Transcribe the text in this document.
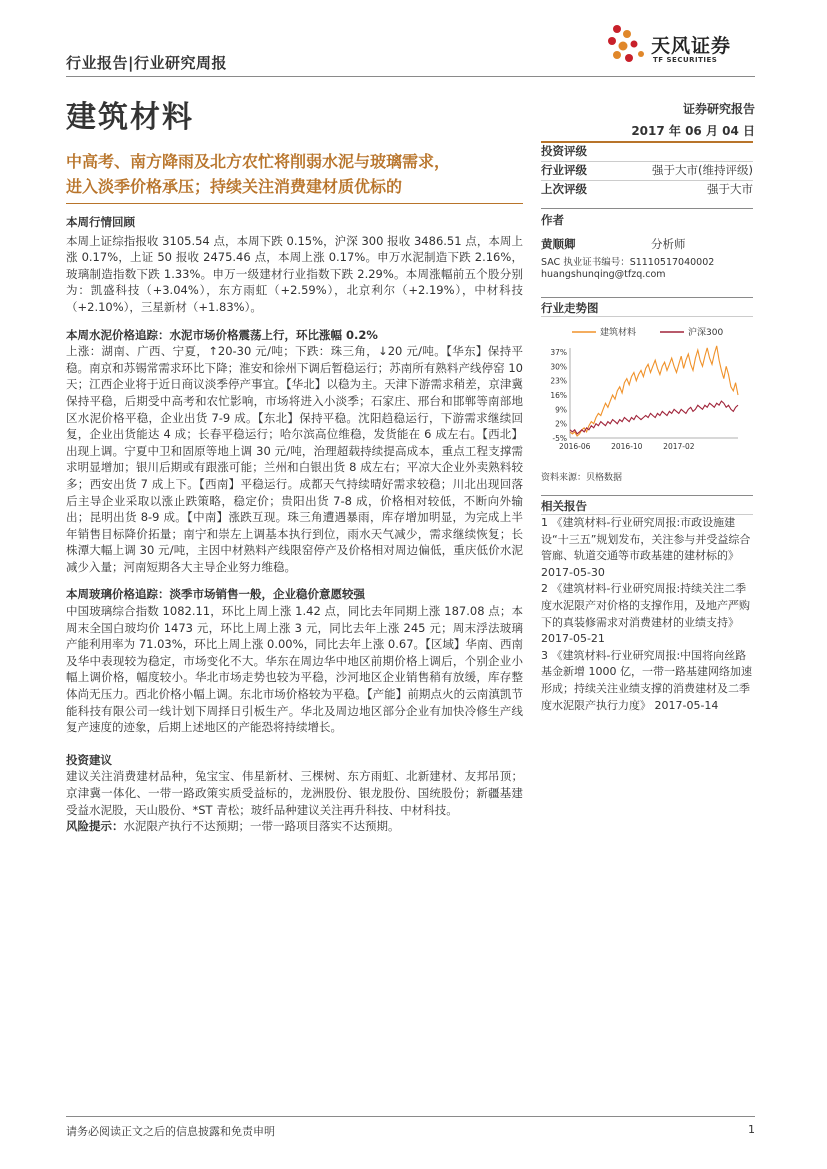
行业报告|行业研究周报
天风证券
TF SECURITIES
建筑材料	证券研究报告
2017 年 06 月 04 日
中高考、南方降雨及北方农忙将削弱水泥与玻璃需求，
进入淡季价格承压；持续关注消费建材质优标的
本周行情回顾
本周上证综指报收 3105.54 点，本周下跌 0.15%，沪深 300 报收 3486.51 点，本周上涨 0.17%，上证 50 报收 2475.46 点，本周上涨 0.17%。申万水泥制造下跌 2.16%，玻璃制造指数下跌 1.33%。申万一级建材行业指数下跌 2.29%。本周涨幅前五个股分别为：凯盛科技（+3.04%），东方雨虹（+2.59%），北京利尔（+2.19%），中材科技（+2.10%），三星新材（+1.83%）。
本周水泥价格追踪：水泥市场价格震荡上行，环比涨幅 0.2%
上涨：湖南、广西、宁夏，↑20-30 元/吨；下跌：珠三角，↓20 元/吨。【华东】保持平稳。南京和苏锡常需求环比下降；淮安和徐州下调后暂稳运行；苏南所有熟料产线停窑 10 天；江西企业将于近日商议淡季停产事宜。【华北】以稳为主。天津下游需求稍差，京津冀保持平稳，后期受中高考和农忙影响，市场将进入小淡季；石家庄、邢台和邯郸等南部地区水泥价格平稳，企业出货 7-9 成。【东北】保持平稳。沈阳趋稳运行，下游需求继续回复，企业出货能达 4 成；长春平稳运行；哈尔滨高位维稳，发货能在 6 成左右。【西北】出现上调。宁夏中卫和固原等地上调 30 元/吨，治理超载持续提高成本，重点工程支撑需求明显增加；银川后期或有跟涨可能；兰州和白银出货 8 成左右；平凉大企业外卖熟料较多；西安出货 7 成上下。【西南】平稳运行。成都天气持续晴好需求较稳；川北出现回落后主导企业采取以涨止跌策略，稳定价；贵阳出货 7-8 成，价格相对较低，不断向外输出；昆明出货 8-9 成。【中南】涨跌互现。珠三角遭遇暴雨，库存增加明显，为完成上半年销售目标降价拓量；南宁和崇左上调基本执行到位，雨水天气减少，需求继续恢复；长株潭大幅上调 30 元/吨，主因中材熟料产线限窑停产及价格相对周边偏低，重庆低价水泥减少入量；河南短期各大主导企业努力维稳。
本周玻璃价格追踪：淡季市场销售一般，企业稳价意愿较强
中国玻璃综合指数 1082.11，环比上周上涨 1.42 点，同比去年同期上涨 187.08 点；本周末全国白玻均价 1473 元，环比上周上涨 3 元，同比去年上涨 245 元；周末浮法玻璃产能利用率为 71.03%，环比上周上涨 0.00%，同比去年上涨 0.67。【区域】华南、西南及华中表现较为稳定，市场变化不大。华东在周边华中地区前期价格上调后，个别企业小幅上调价格，幅度较小。华北市场走势也较为平稳，沙河地区企业销售稍有放缓，库存整体尚无压力。西北价格小幅上调。东北市场价格较为平稳。【产能】前期点火的云南滇凯节能科技有限公司一线计划下周择日引板生产。华北及周边地区部分企业有加快冷修生产线复产速度的迹象，后期上述地区的产能恐将持续增长。
投资建议
建议关注消费建材品种，兔宝宝、伟星新材、三棵树、东方雨虹、北新建材、友邦吊顶；京津冀一体化、一带一路政策实质受益标的，龙洲股份、银龙股份、国统股份；新疆基建受益水泥股，天山股份、*ST 青松；玻纤品种建议关注再升科技、中材科技。
风险提示：水泥限产执行不达预期；一带一路项目落实不达预期。
投资评级
行业评级	强于大市(维持评级)
上次评级	强于大市
作者
黄顺卿	分析师
SAC 执业证书编号：S1110517040002
huangshunqing@tfzq.com
行业走势图
建筑材料	沪深300
37%
30%
23%
16%
9%
2%
-5%
2016-06	2016-10	2017-02
资料来源：贝格数据
相关报告
1 《建筑材料-行业研究周报:市政设施建设“十三五”规划发布，关注参与并受益综合管廊、轨道交通等市政基建的建材标的》 2017-05-30
2 《建筑材料-行业研究周报:持续关注二季度水泥限产对价格的支撑作用，及地产严购下的真装修需求对消费建材的业绩支持》 2017-05-21
3 《建筑材料-行业研究周报:中国将向丝路基金新增 1000 亿，一带一路基建网络加速形成；持续关注业绩支撑的消费建材及二季度水泥限产执行力度》 2017-05-14
请务必阅读正文之后的信息披露和免责申明	1
